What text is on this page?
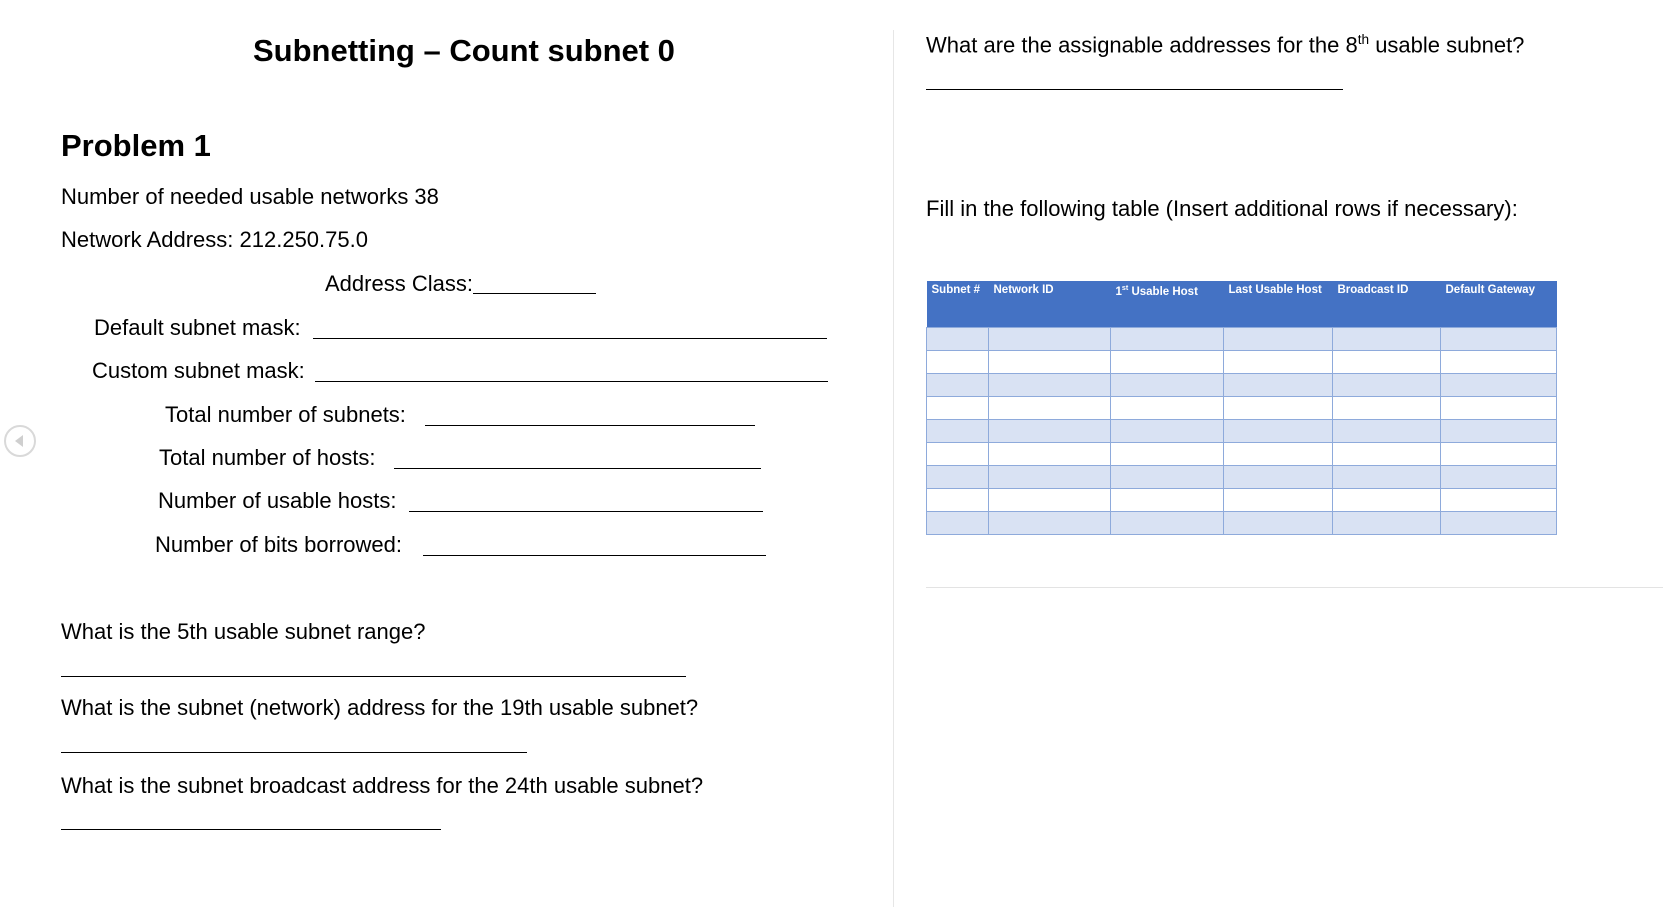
Subnetting – Count subnet 0
Problem 1
Number of needed usable networks 38
Network Address: 212.250.75.0
Address Class:
Default subnet mask:
Custom subnet mask:
Total number of subnets:
Total number of hosts:
Number of usable hosts:
Number of bits borrowed:
What is the 5th usable subnet range?
What is the subnet (network) address for the 19th usable subnet?
What is the subnet broadcast address for the 24th usable subnet?
What are the assignable addresses for the 8th usable subnet?
Fill in the following table (Insert additional rows if necessary):
Subnet #	Network ID	1st Usable Host	Last Usable Host	Broadcast ID	Default Gateway
